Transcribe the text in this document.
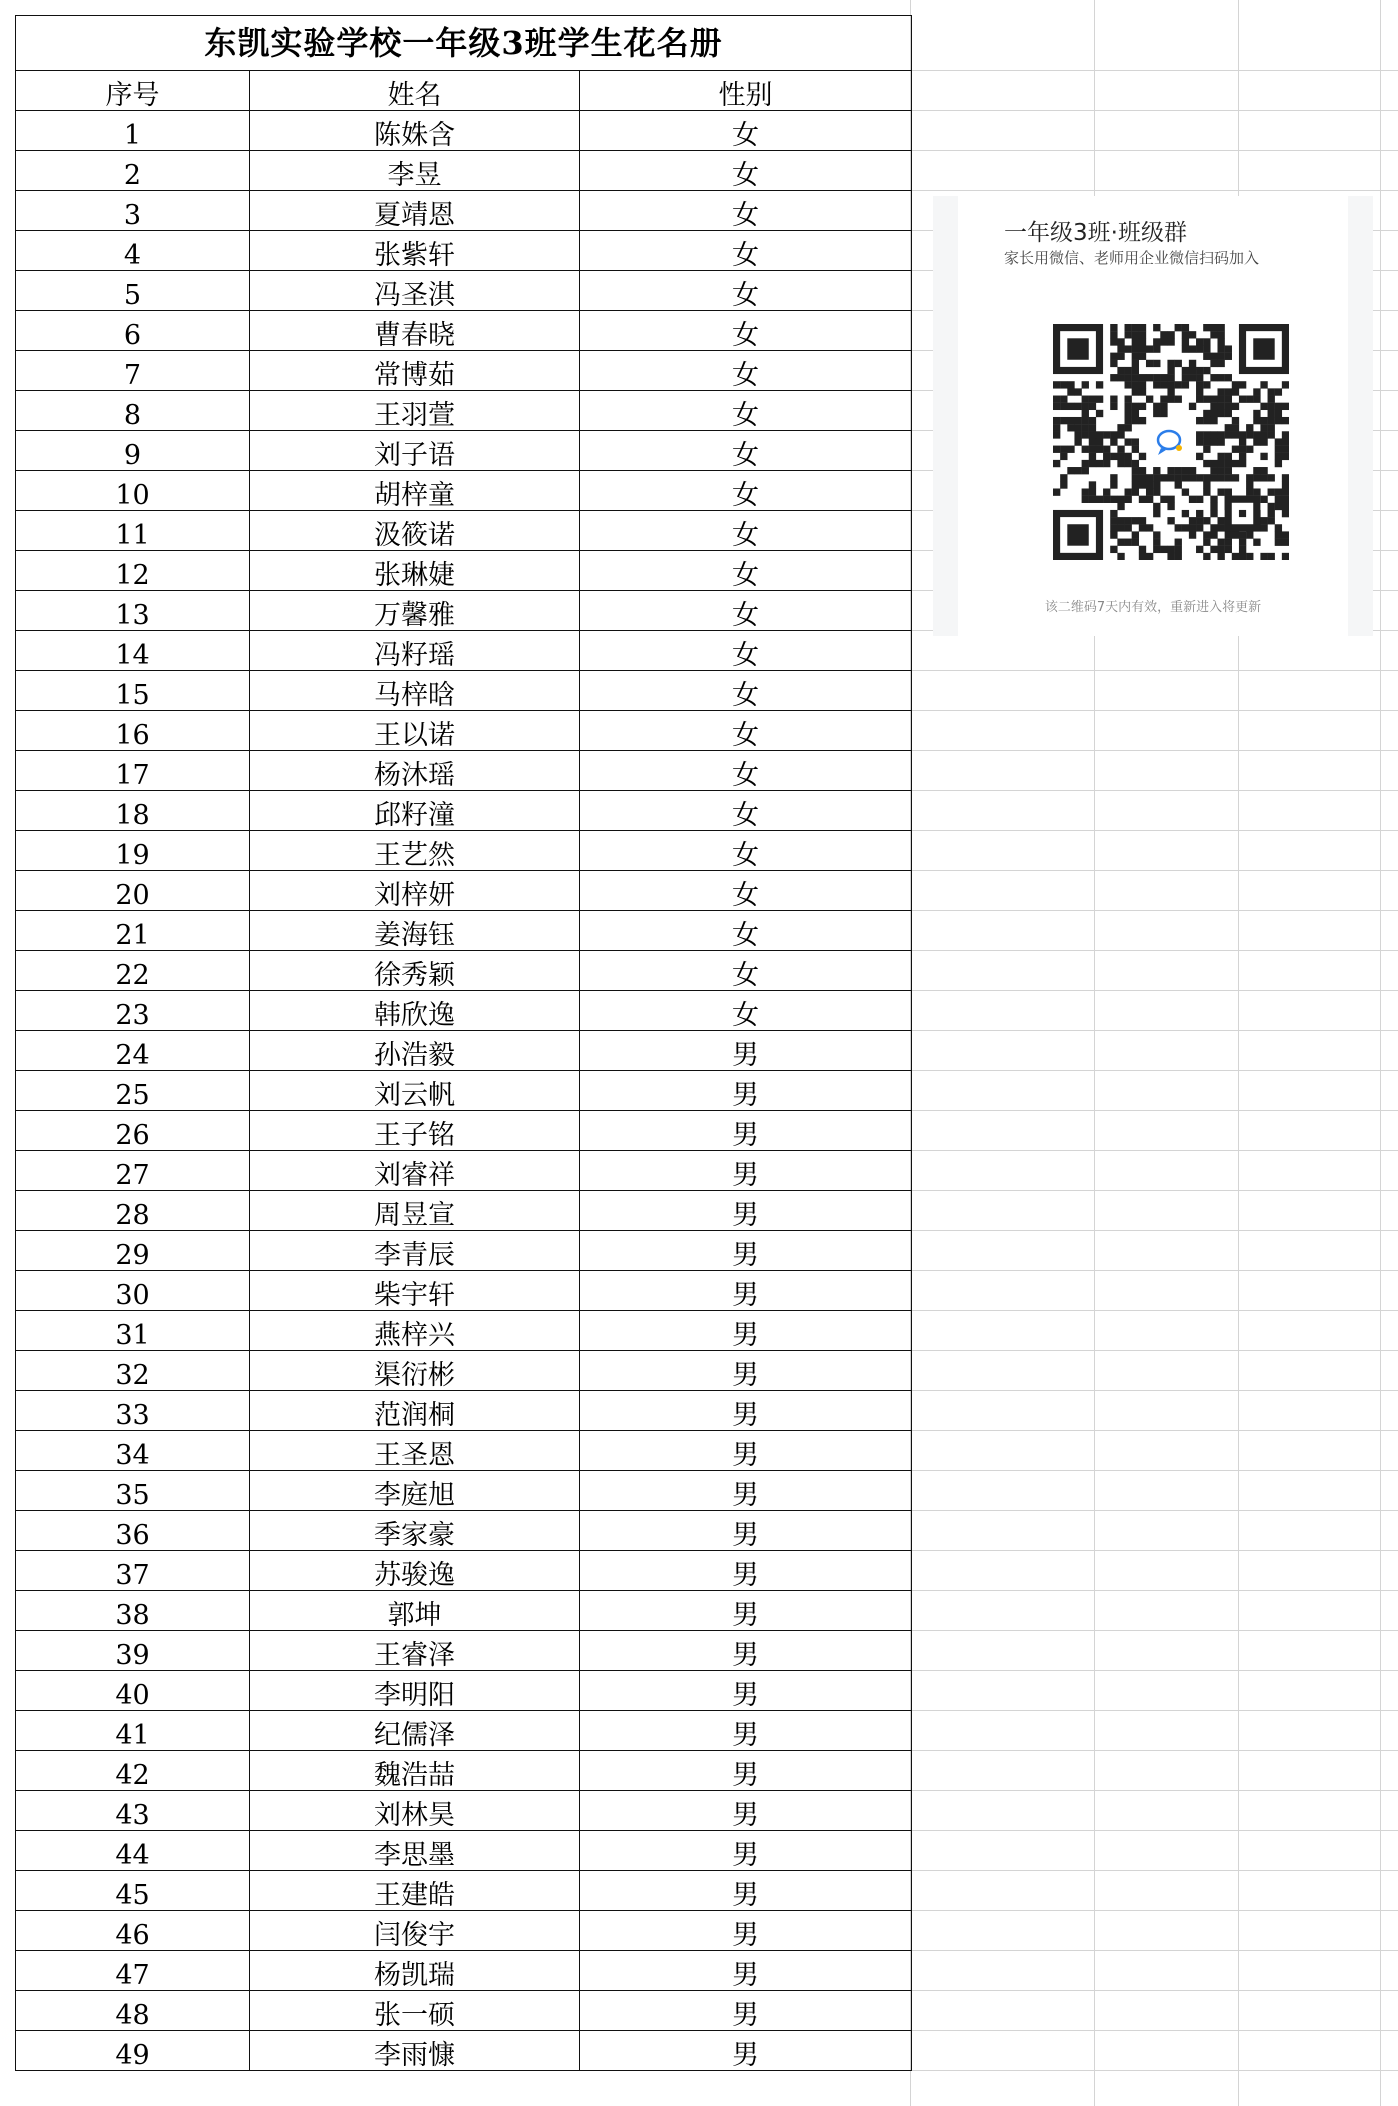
东凯实验学校一年级3班学生花名册		
序号	姓名	性别
1	陈姝含	女
2	李昱	女
3	夏靖恩	女
4	张紫轩	女
5	冯圣淇	女
6	曹春晓	女
7	常博茹	女
8	王羽萱	女
9	刘子语	女
10	胡梓童	女
11	汲筱诺	女
12	张琳婕	女
13	万馨雅	女
14	冯籽瑶	女
15	马梓晗	女
16	王以诺	女
17	杨沐瑶	女
18	邱籽潼	女
19	王艺然	女
20	刘梓妍	女
21	姜海钰	女
22	徐秀颖	女
23	韩欣逸	女
24	孙浩毅	男
25	刘云帆	男
26	王子铭	男
27	刘睿祥	男
28	周昱宣	男
29	李青辰	男
30	柴宇轩	男
31	燕梓兴	男
32	渠衍彬	男
33	范润桐	男
34	王圣恩	男
35	李庭旭	男
36	季家豪	男
37	苏骏逸	男
38	郭坤	男
39	王睿泽	男
40	李明阳	男
41	纪儒泽	男
42	魏浩喆	男
43	刘林昊	男
44	李思墨	男
45	王建皓	男
46	闫俊宇	男
47	杨凯瑞	男
48	张一硕	男
49	李雨慷	男
一年级3班·班级群
家长用微信、老师用企业微信扫码加入
该二维码7天内有效，重新进入将更新
